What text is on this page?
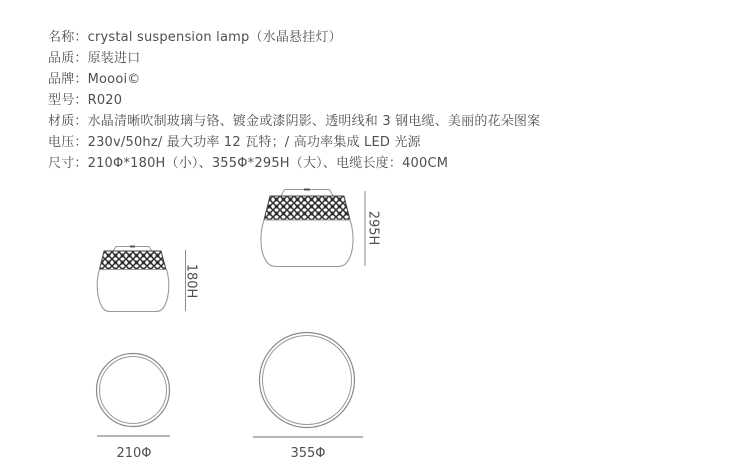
名称：crystal suspension lamp（水晶悬挂灯）
品质：原装进口
品牌：Moooi©
型号：R020
材质：水晶清晰吹制玻璃与铬、镀金或漆阴影、透明线和 3 钢电缆、美丽的花朵图案
电压：230v/50hz/ 最大功率 12 瓦特；/ 高功率集成 LED 光源
尺寸：210Φ*180H（小）、355Φ*295H（大）、电缆长度：400CM
180H
295H
210Φ	355Φ
